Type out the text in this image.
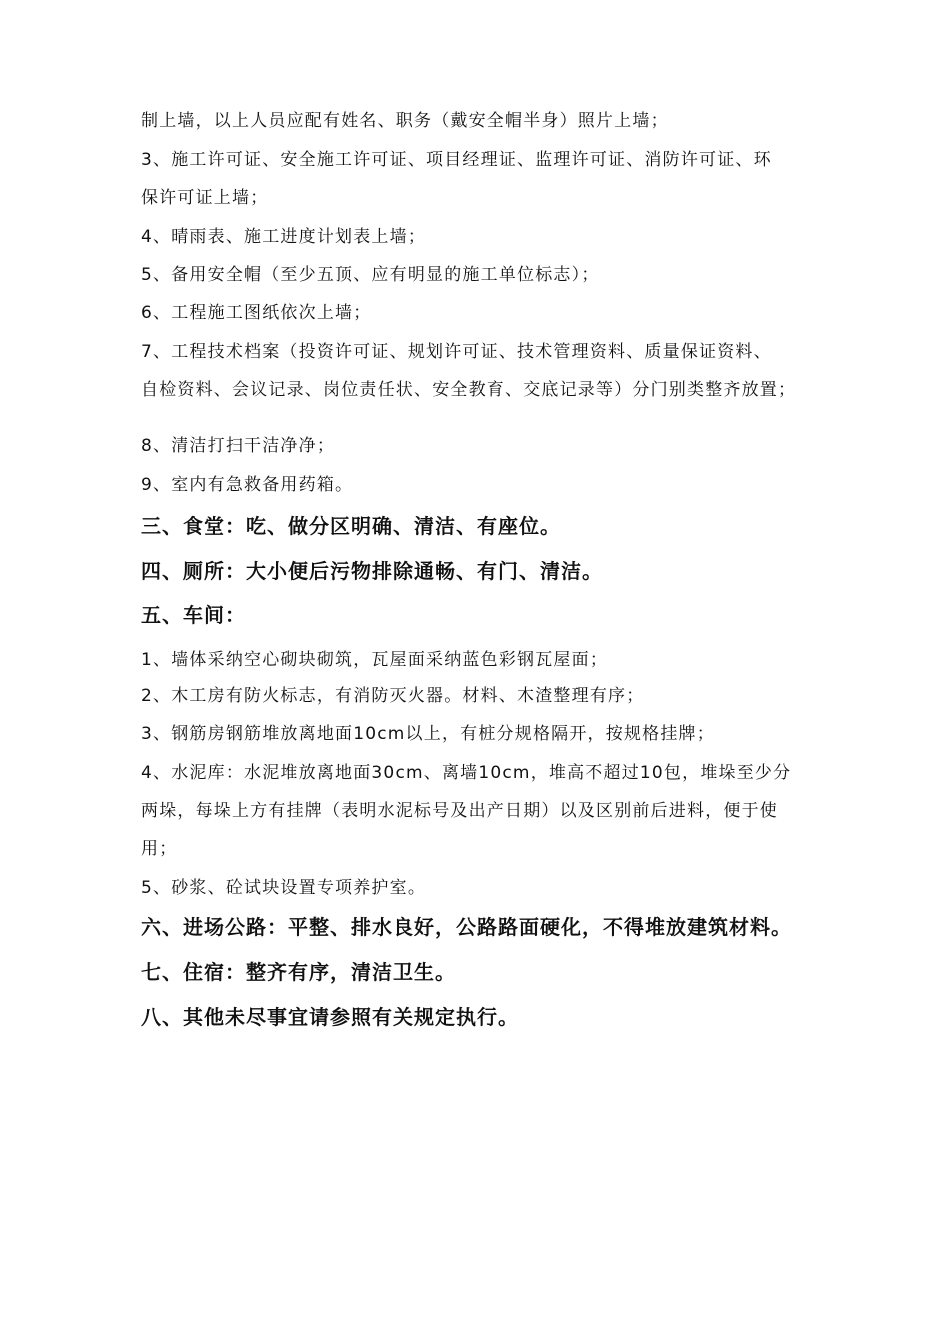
制上墙，以上人员应配有姓名、职务（戴安全帽半身）照片上墙；
3、施工许可证、安全施工许可证、项目经理证、监理许可证、消防许可证、环
保许可证上墙；
4、晴雨表、施工进度计划表上墙；
5、备用安全帽（至少五顶、应有明显的施工单位标志）；
6、工程施工图纸依次上墙；
7、工程技术档案（投资许可证、规划许可证、技术管理资料、质量保证资料、
自检资料、会议记录、岗位责任状、安全教育、交底记录等）分门别类整齐放置；
8、清洁打扫干洁净净；
9、室内有急救备用药箱。
三、食堂：吃、做分区明确、清洁、有座位。
四、厕所：大小便后污物排除通畅、有门、清洁。
五、车间：
1、墙体采纳空心砌块砌筑，瓦屋面采纳蓝色彩钢瓦屋面；
2、木工房有防火标志，有消防灭火器。材料、木渣整理有序；
3、钢筋房钢筋堆放离地面10cm以上，有桩分规格隔开，按规格挂牌；
4、水泥库：水泥堆放离地面30cm、离墙10cm，堆高不超过10包，堆垛至少分
两垛，每垛上方有挂牌（表明水泥标号及出产日期）以及区别前后进料，便于使
用；
5、砂浆、砼试块设置专项养护室。
六、进场公路：平整、排水良好，公路路面硬化，不得堆放建筑材料。
七、住宿：整齐有序，清洁卫生。
八、其他未尽事宜请参照有关规定执行。
